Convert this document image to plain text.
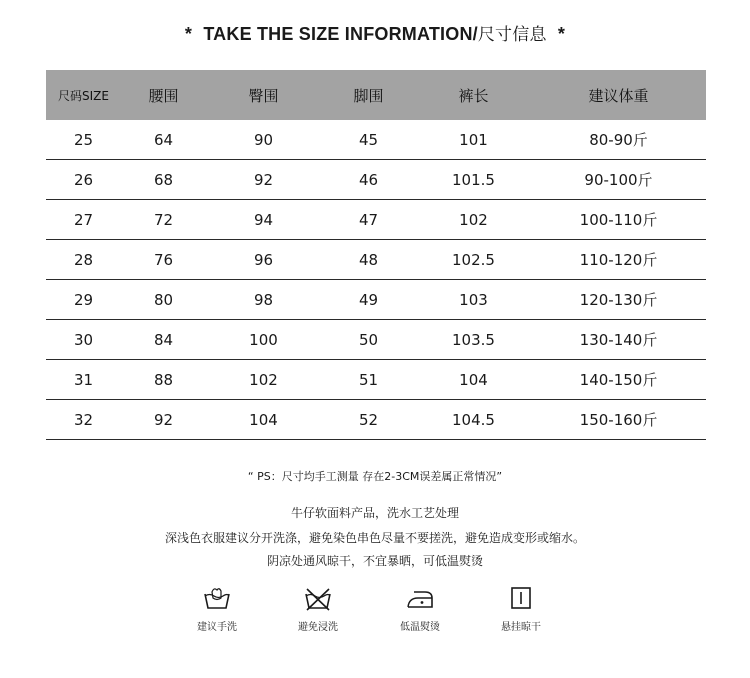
* TAKE THE SIZE INFORMATION/尺寸信息 *
尺码SIZE	腰围	臀围	脚围	裤长	建议体重
25	64	90	45	101	80-90斤
26	68	92	46	101.5	90-100斤
27	72	94	47	102	100-110斤
28	76	96	48	102.5	110-120斤
29	80	98	49	103	120-130斤
30	84	100	50	103.5	130-140斤
31	88	102	51	104	140-150斤
32	92	104	52	104.5	150-160斤
“ PS：尺寸均手工测量 存在2-3CM误差属正常情况”
牛仔软面料产品，洗水工艺处理
深浅色衣服建议分开洗涤，避免染色串色尽量不要搓洗，避免造成变形或缩水。
阴凉处通风晾干，不宜暴晒，可低温熨烫
建议手洗	避免浸洗	低温熨烫	悬挂晾干
